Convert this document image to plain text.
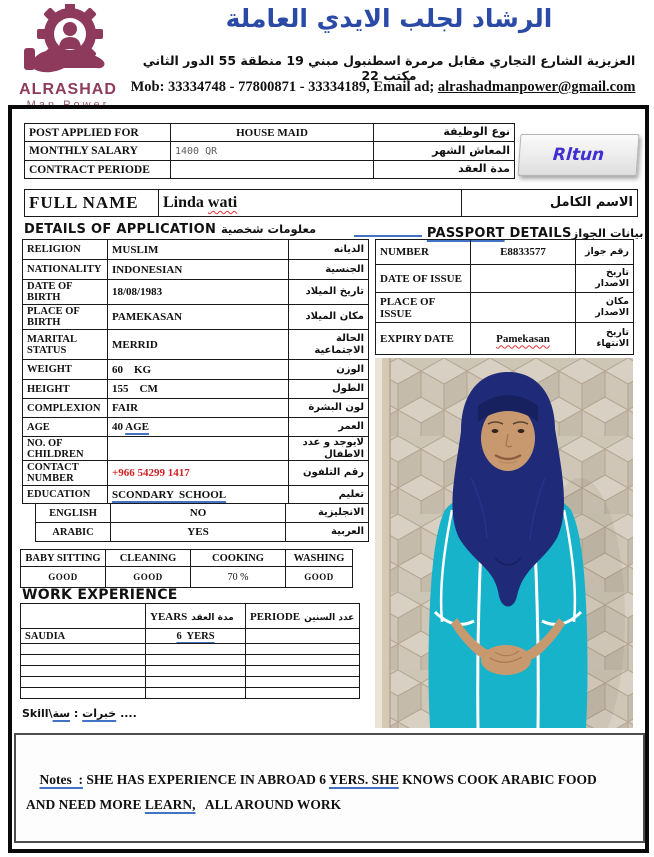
ALRASHAD
الرشاد لجلب الايدي العاملة
العزيزية الشارع التجاري مقابل مرمرة اسطنبول مبني 19 منطقة 55 الدور الثاني مكتب 22
Mob: 33334748 - 77800871 - 33334189, Email ad; alrashadmanpower@gmail.com
POST APPLIED FOR	HOUSE MAID	نوع الوظيفة
MONTHLY SALARY	1400 QR	المعاش الشهر
CONTRACT PERIODE		مدة العقد
Rltun
FULL NAME	Linda wati	الاسم الكامل
DETAILS OF APPLICATION معلومات شخصية	PASSPORT DETAILSبيانات الجواز
RELIGION	MUSLIM	الديانه
NATIONALITY	INDONESIAN	الجنسية
DATE OF BIRTH	18/08/1983	تاريخ الميلاد
PLACE OF BIRTH	PAMEKASAN	مكان الميلاد
MARITAL STATUS	MERRID	الحالة الاجتماعية
WEIGHT	60    KG	الوزن
HEIGHT	155    CM	الطول
COMPLEXION	FAIR	لون البشرة
AGE	40 AGE	العمر
NO. OF CHILDREN		لايوجد و عدد الاطفال
CONTACT NUMBER	+966 54299 1417	رقم التلفون
EDUCATION	SCONDARY  SCHOOL	تعليم
ENGLISH	NO	الانجليزية
ARABIC	YES	العربية
NUMBER	E8833577	رقم جواز
DATE OF ISSUE		تاريخ الاصدار
PLACE OF ISSUE		مكان الاصدار
EXPIRY DATE	Pamekasan	تاريخ الانتهاء
BABY SITTING	CLEANING	COOKING	WASHING
GOOD	GOOD	70 %	GOOD
WORK EXPERIENCE
	YEARS مدة العقد	PERIODE عدد السنين
SAUDIA	6  YERS	

Skill\	خبرات : سة	....

Notes  : SHE HAS EXPERIENCE IN ABROAD 6 YERS. SHE KNOWS COOK ARABIC FOOD   AND NEED MORE LEARN,   ALL AROUND WORK
